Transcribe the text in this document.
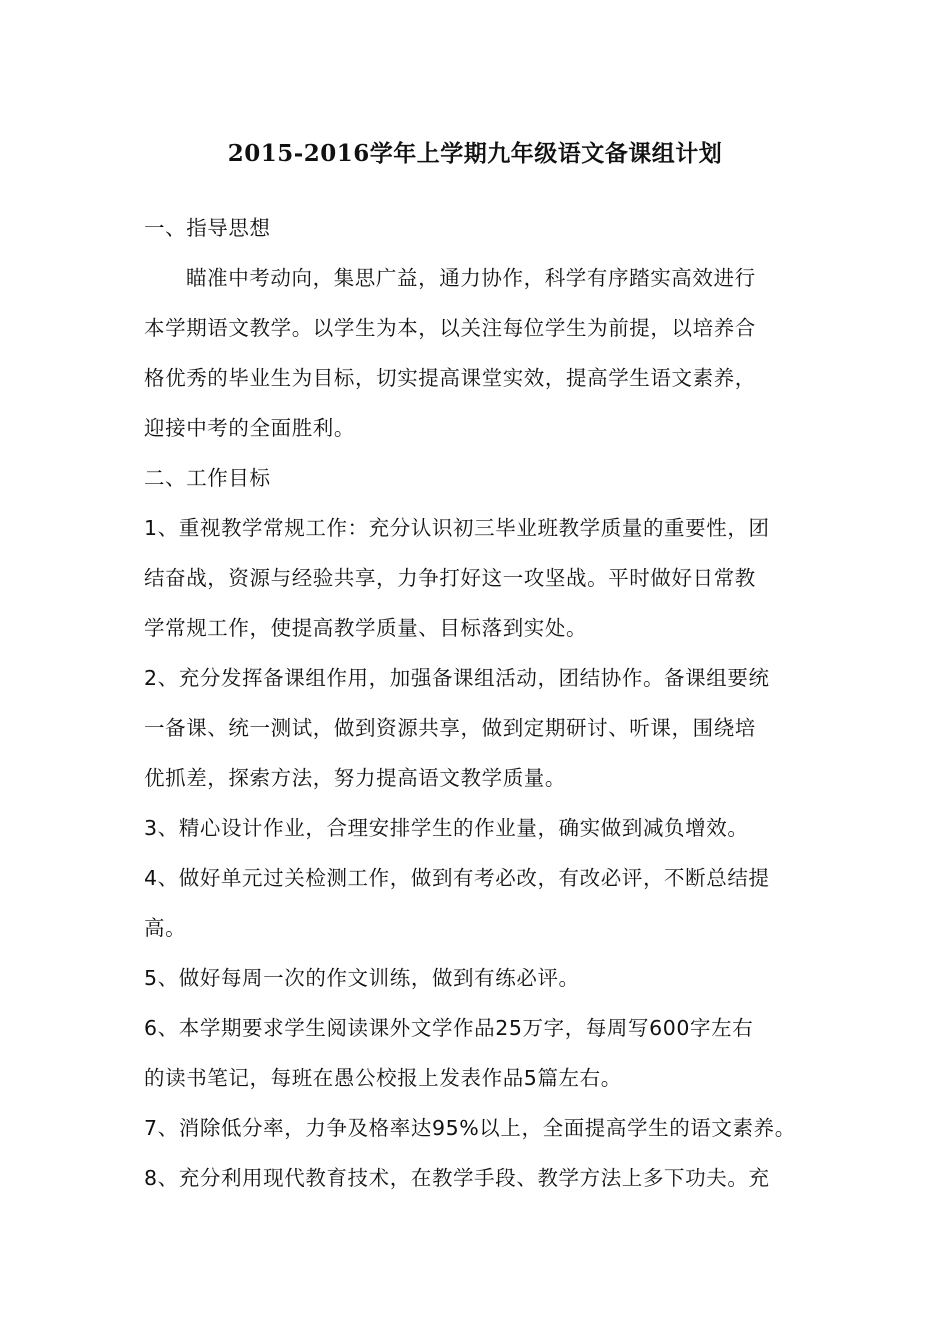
2015-2016学年上学期九年级语文备课组计划
一、指导思想
瞄准中考动向，集思广益，通力协作，科学有序踏实高效进行
本学期语文教学。以学生为本，以关注每位学生为前提，以培养合
格优秀的毕业生为目标，切实提高课堂实效，提高学生语文素养，
迎接中考的全面胜利。
二、工作目标
1、重视教学常规工作：充分认识初三毕业班教学质量的重要性，团
结奋战，资源与经验共享，力争打好这一攻坚战。平时做好日常教
学常规工作，使提高教学质量、目标落到实处。
2、充分发挥备课组作用，加强备课组活动，团结协作。备课组要统
一备课、统一测试，做到资源共享，做到定期研讨、听课，围绕培
优抓差，探索方法，努力提高语文教学质量。
3、精心设计作业，合理安排学生的作业量，确实做到减负增效。
4、做好单元过关检测工作，做到有考必改，有改必评，不断总结提
高。
5、做好每周一次的作文训练，做到有练必评。
6、本学期要求学生阅读课外文学作品25万字，每周写600字左右
的读书笔记，每班在愚公校报上发表作品5篇左右。
7、消除低分率，力争及格率达95%以上，全面提高学生的语文素养。
8、充分利用现代教育技术，在教学手段、教学方法上多下功夫。充
